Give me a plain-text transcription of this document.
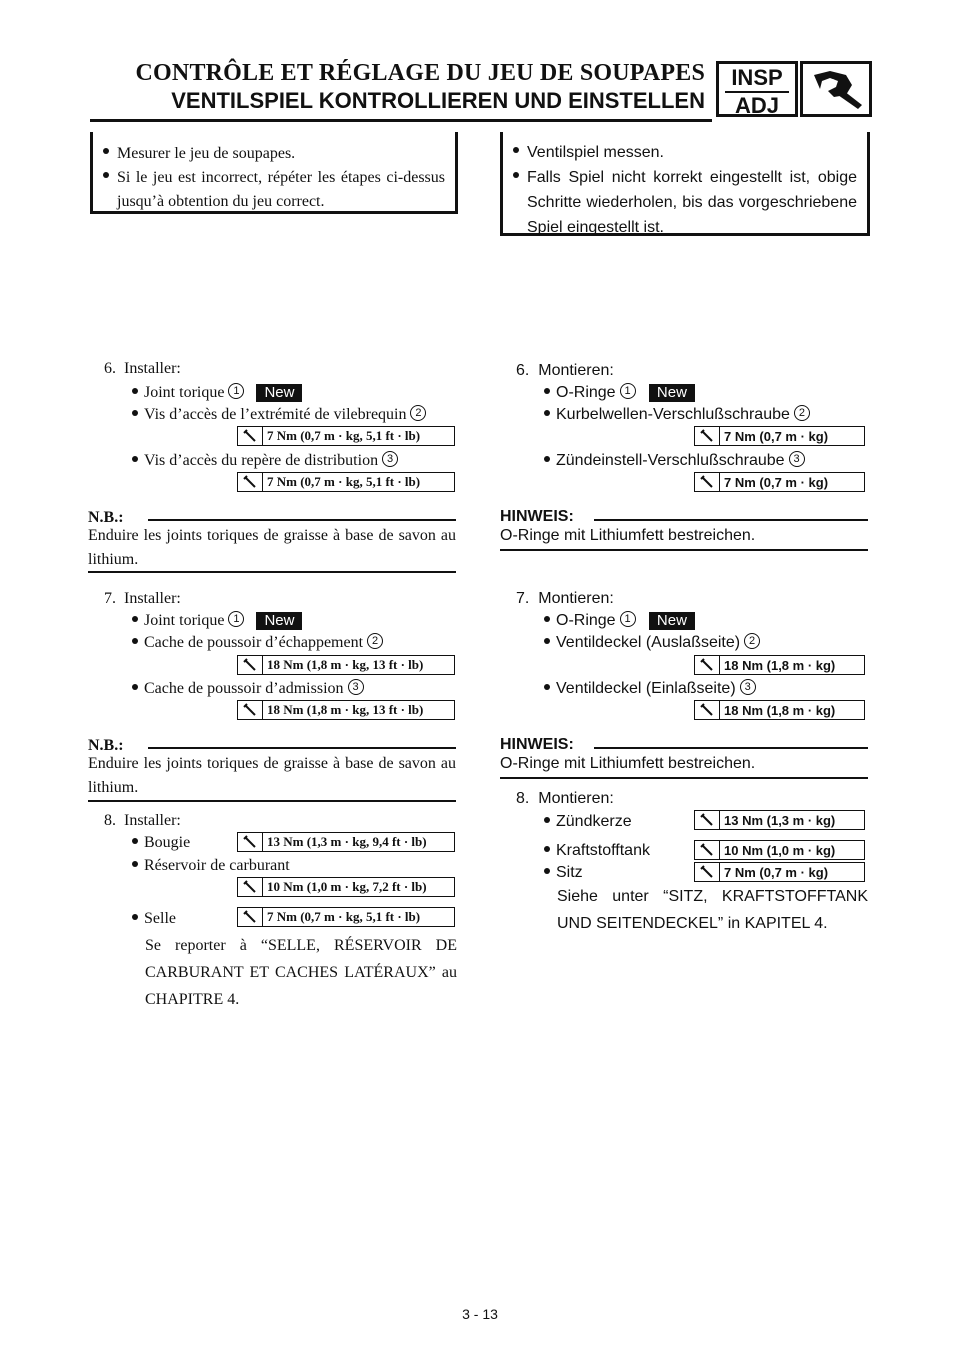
CONTRÔLE ET RÉGLAGE DU JEU DE SOUPAPES
VENTILSPIEL KONTROLLIEREN UND EINSTELLEN
INSP
ADJ
Mesurer le jeu de soupapes.
Si le jeu est incorrect, répéter les étapes ci-dessus jusqu’à obtention du jeu correct.
Ventilspiel messen.
Falls Spiel nicht korrekt eingestellt ist, obige Schritte wiederholen, bis das vorgeschriebene Spiel eingestellt ist.
6. Installer:
Joint torique 1 New
Vis d’accès de l’extrémité de vilebrequin 2
7 Nm (0,7 m · kg, 5,1 ft · lb)
Vis d’accès du repère de distribution 3
7 Nm (0,7 m · kg, 5,1 ft · lb)
N.B.:
Enduire les joints toriques de graisse à base de savon au lithium.
7. Installer:
Joint torique 1 New
Cache de poussoir d’échappement 2
18 Nm (1,8 m · kg, 13 ft · lb)
Cache de poussoir d’admission 3
18 Nm (1,8 m · kg, 13 ft · lb)
N.B.:
Enduire les joints toriques de graisse à base de savon au lithium.
8. Installer:
Bougie	13 Nm (1,3 m · kg, 9,4 ft · lb)
Réservoir de carburant
10 Nm (1,0 m · kg, 7,2 ft · lb)
Selle	7 Nm (0,7 m · kg, 5,1 ft · lb)
Se reporter à “SELLE, RÉSERVOIR DE CARBURANT ET CACHES LATÉRAUX” au CHAPITRE 4.
6. Montieren:
O-Ringe 1 New
Kurbelwellen-Verschlußschraube 2
7 Nm (0,7 m · kg)
Zündeinstell-Verschlußschraube 3
7 Nm (0,7 m · kg)
HINWEIS:
O-Ringe mit Lithiumfett bestreichen.
7. Montieren:
O-Ringe 1 New
Ventildeckel (Auslaßseite) 2
18 Nm (1,8 m · kg)
Ventildeckel (Einlaßseite) 3
18 Nm (1,8 m · kg)
HINWEIS:
O-Ringe mit Lithiumfett bestreichen.
8. Montieren:
Zündkerze	13 Nm (1,3 m · kg)
Kraftstofftank	10 Nm (1,0 m · kg)
Sitz	7 Nm (0,7 m · kg)
Siehe unter “SITZ, KRAFTSTOFFTANK UND SEITENDECKEL” in KAPITEL 4.
3 - 13
